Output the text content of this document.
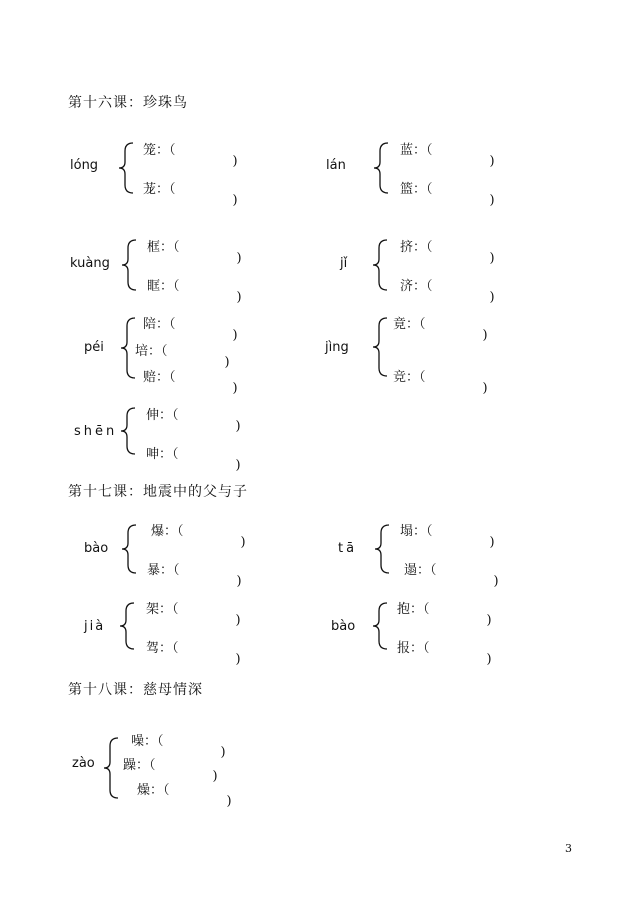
第十六课：珍珠鸟
第十七课：地震中的父与子
第十八课：慈母情深
lóng
笼：（
茏：（
lán
蓝：（
篮：（
kuàng
框：（
眶：（
jǐ
挤：（
济：（
péi
陪：（
培：（
赔：（
jìng
竟：（
竞：（
shēn
伸：（
呻：（
bào
爆：（
暴：（
tā
塌：（
遢：（
jià
架：（
驾：（
bào
抱：（
报：（
zào
噪：（
躁：（
燥：（
3
